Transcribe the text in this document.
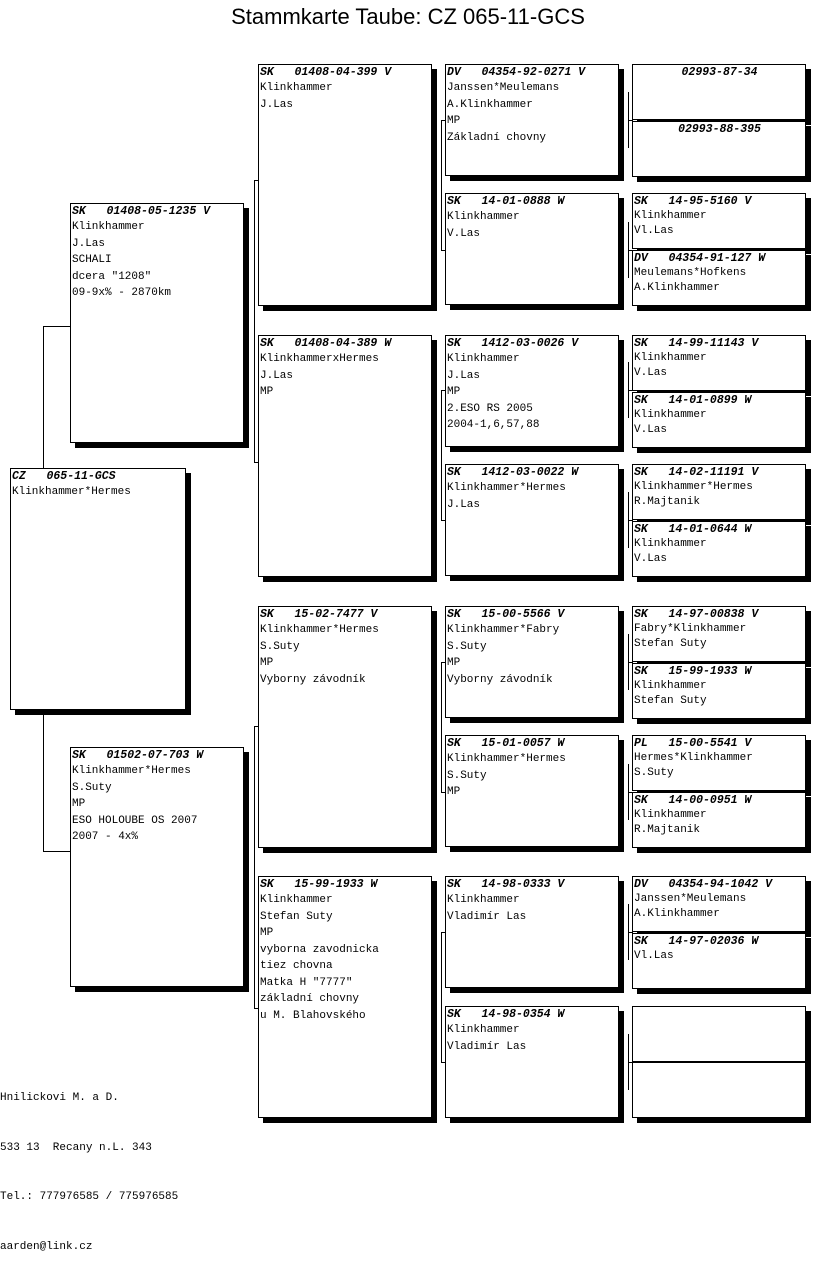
Stammkarte Taube: CZ 065-11-GCS
CZ   065-11-GCS
Klinkhammer*Hermes
SK   01408-05-1235 V
Klinkhammer
J.Las
SCHALI
dcera "1208"
09-9x% - 2870km
SK   01502-07-703 W
Klinkhammer*Hermes
S.Suty
MP
ESO HOLOUBE OS 2007
2007 - 4x%
SK   01408-04-399 V
Klinkhammer
J.Las
SK   01408-04-389 W
KlinkhammerxHermes
J.Las
MP
SK   15-02-7477 V
Klinkhammer*Hermes
S.Suty
MP
Vyborny závodník
SK   15-99-1933 W
Klinkhammer
Stefan Suty
MP
vyborna zavodnicka
tiez chovna
Matka H "7777"
základní chovny
u M. Blahovského
DV   04354-92-0271 V
Janssen*Meulemans
A.Klinkhammer
MP
Základní chovny
SK   14-01-0888 W
Klinkhammer
V.Las
SK   1412-03-0026 V
Klinkhammer
J.Las
MP
2.ESO RS 2005
2004-1,6,57,88
SK   1412-03-0022 W
Klinkhammer*Hermes
J.Las
SK   15-00-5566 V
Klinkhammer*Fabry
S.Suty
MP
Vyborny závodník
SK   15-01-0057 W
Klinkhammer*Hermes
S.Suty
MP
SK   14-98-0333 V
Klinkhammer
Vladimír Las
SK   14-98-0354 W
Klinkhammer
Vladimír Las
02993-87-34
02993-88-395
SK   14-95-5160 V
Klinkhammer
Vl.Las
DV   04354-91-127 W
Meulemans*Hofkens
A.Klinkhammer
SK   14-99-11143 V
Klinkhammer
V.Las
SK   14-01-0899 W
Klinkhammer
V.Las
SK   14-02-11191 V
Klinkhammer*Hermes
R.Majtanik
SK   14-01-0644 W
Klinkhammer
V.Las
SK   14-97-00838 V
Fabry*Klinkhammer
Stefan Suty
SK   15-99-1933 W
Klinkhammer
Stefan Suty
PL   15-00-5541 V
Hermes*Klinkhammer
S.Suty
SK   14-00-0951 W
Klinkhammer
R.Majtanik
DV   04354-94-1042 V
Janssen*Meulemans
A.Klinkhammer
SK   14-97-02036 W
Vl.Las

Hnilickovi M. a D.

533 13  Recany n.L. 343

Tel.: 777976585 / 775976585

aarden@link.cz
